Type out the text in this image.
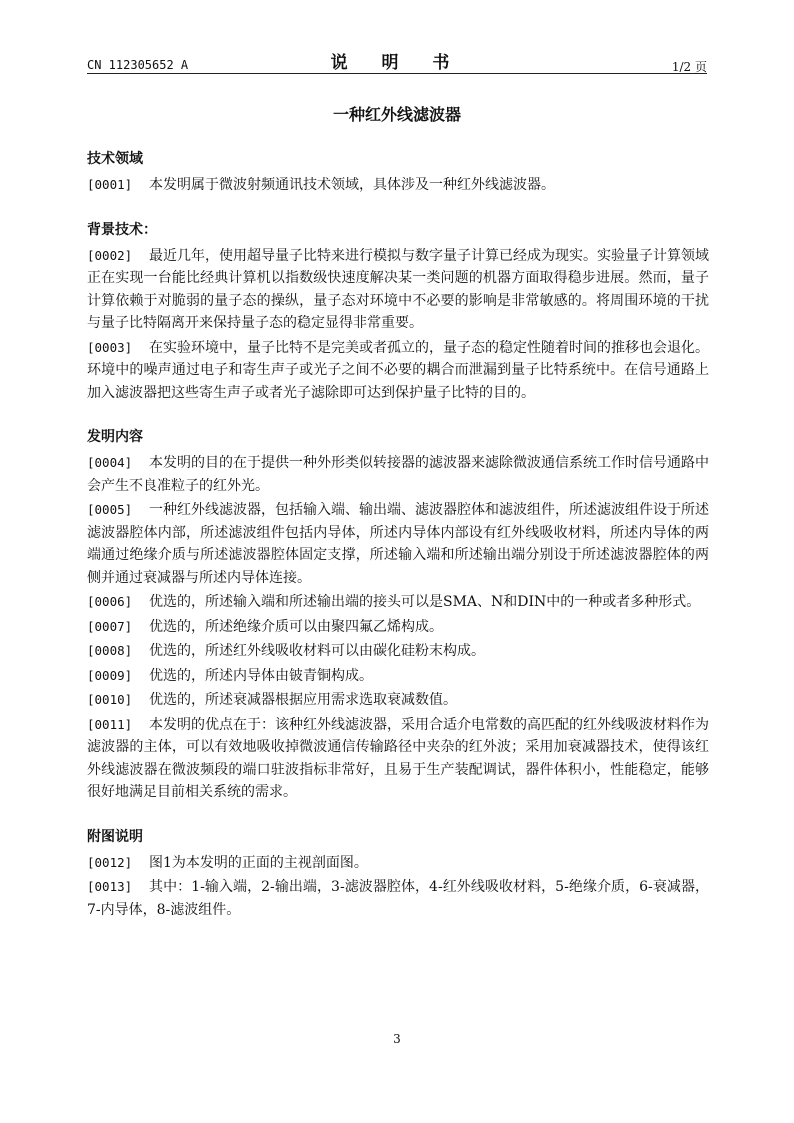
CN 112305652 A	说 明 书	1/2 页
一种红外线滤波器
技术领域

[0001] 本发明属于微波射频通讯技术领域，具体涉及一种红外线滤波器。

背景技术：

[0002] 最近几年，使用超导量子比特来进行模拟与数字量子计算已经成为现实。实验量子计算领域正在实现一台能比经典计算机以指数级快速度解决某一类问题的机器方面取得稳步进展。然而，量子计算依赖于对脆弱的量子态的操纵，量子态对环境中不必要的影响是非常敏感的。将周围环境的干扰与量子比特隔离开来保持量子态的稳定显得非常重要。

[0003] 在实验环境中，量子比特不是完美或者孤立的，量子态的稳定性随着时间的推移也会退化。环境中的噪声通过电子和寄生声子或光子之间不必要的耦合而泄漏到量子比特系统中。在信号通路上加入滤波器把这些寄生声子或者光子滤除即可达到保护量子比特的目的。

发明内容

[0004] 本发明的目的在于提供一种外形类似转接器的滤波器来滤除微波通信系统工作时信号通路中会产生不良准粒子的红外光。

[0005] 一种红外线滤波器，包括输入端、输出端、滤波器腔体和滤波组件，所述滤波组件设于所述滤波器腔体内部，所述滤波组件包括内导体，所述内导体内部设有红外线吸收材料，所述内导体的两端通过绝缘介质与所述滤波器腔体固定支撑，所述输入端和所述输出端分别设于所述滤波器腔体的两侧并通过衰减器与所述内导体连接。

[0006] 优选的，所述输入端和所述输出端的接头可以是SMA、N和DIN中的一种或者多种形式。

[0007] 优选的，所述绝缘介质可以由聚四氟乙烯构成。

[0008] 优选的，所述红外线吸收材料可以由碳化硅粉末构成。

[0009] 优选的，所述内导体由铍青铜构成。

[0010] 优选的，所述衰减器根据应用需求选取衰减数值。

[0011] 本发明的优点在于：该种红外线滤波器，采用合适介电常数的高匹配的红外线吸波材料作为滤波器的主体，可以有效地吸收掉微波通信传输路径中夹杂的红外波；采用加衰减器技术，使得该红外线滤波器在微波频段的端口驻波指标非常好，且易于生产装配调试，器件体积小，性能稳定，能够很好地满足目前相关系统的需求。

附图说明

[0012] 图1为本发明的正面的主视剖面图。

[0013] 其中：1-输入端，2-输出端，3-滤波器腔体，4-红外线吸收材料，5-绝缘介质，6-衰减器，7-内导体，8-滤波组件。

3
